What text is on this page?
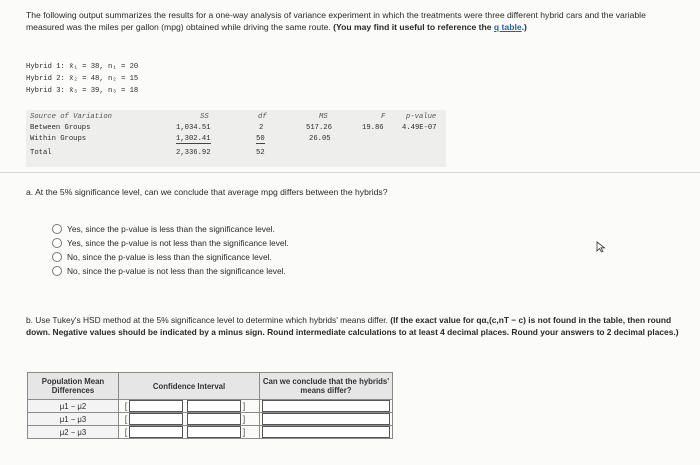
The following output summarizes the results for a one-way analysis of variance experiment in which the treatments were three different hybrid cars and the variable measured was the miles per gallon (mpg) obtained while driving the same route. (You may find it useful to reference the q table.)
Hybrid 1: x̄₁ = 38, n₁ = 20
Hybrid 2: x̄₂ = 48, n₂ = 15
Hybrid 3: x̄₃ = 39, n₃ = 18
Source of Variation	SS	df	MS	F	p-value
Between Groups	1,034.51	2	517.26	19.86	4.49E-07
Within Groups	1,302.41	50	26.05
Total	2,336.92	52
a. At the 5% significance level, can we conclude that average mpg differs between the hybrids?
Yes, since the p-value is less than the significance level.
Yes, since the p-value is not less than the significance level.
No, since the p-value is less than the significance level.
No, since the p-value is not less than the significance level.
b. Use Tukey's HSD method at the 5% significance level to determine which hybrids' means differ. (If the exact value for qα,(c,nT − c) is not found in the table, then round down. Negative values should be indicated by a minus sign. Round intermediate calculations to at least 4 decimal places. Round your answers to 2 decimal places.)
Population Mean Differences	Confidence Interval	Can we conclude that the hybrids' means differ?
μ1 − μ2	[ ]	
μ1 − μ3	[ ]	
μ2 − μ3	[ ]	
